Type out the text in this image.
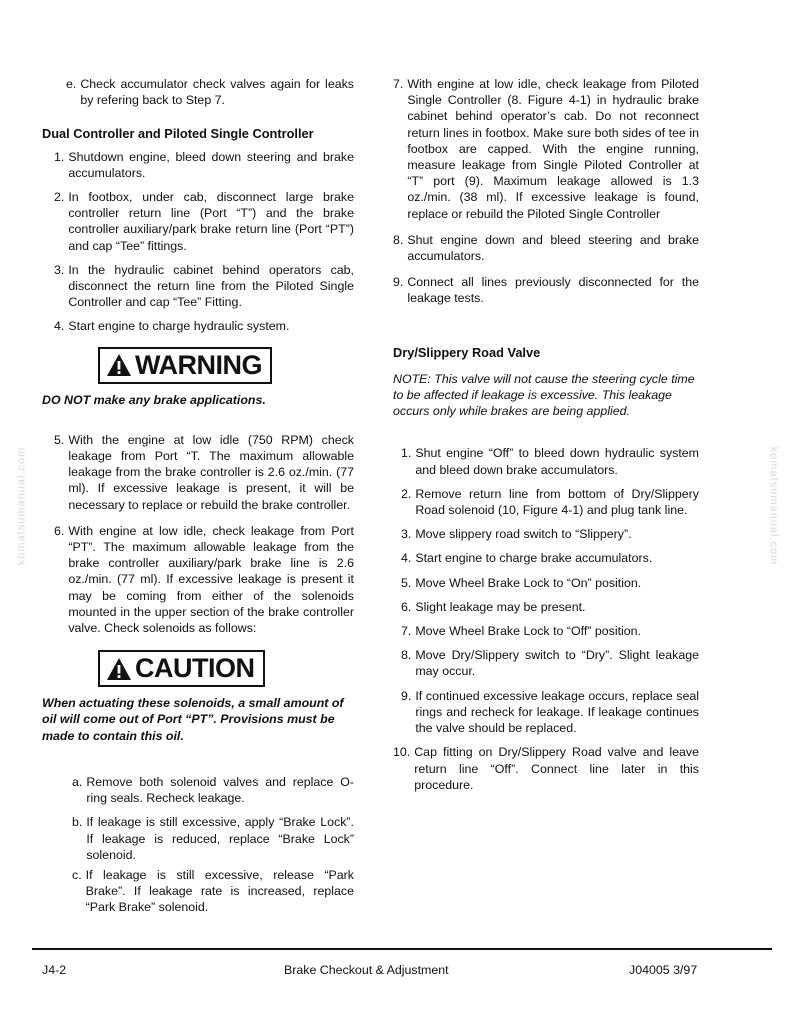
e. Check accumulator check valves again for leaks by refering back to Step 7.
Dual Controller and Piloted Single Controller
1. Shutdown engine, bleed down steering and brake accumulators.
2. In footbox, under cab, disconnect large brake controller return line (Port “T”) and the brake controller auxiliary/park brake return line (Port “PT”) and cap “Tee” fittings.
3. In the hydraulic cabinet behind operators cab, disconnect the return line from the Piloted Single Controller and cap “Tee” Fitting.
4. Start engine to charge hydraulic system.
WARNING
DO NOT make any brake applications.
5. With the engine at low idle (750 RPM) check leakage from Port “T. The maximum allowable leakage from the brake controller is 2.6 oz./min. (77 ml). If excessive leakage is present, it will be necessary to replace or rebuild the brake controller.
6. With engine at low idle, check leakage from Port “PT”. The maximum allowable leakage from the brake controller auxiliary/park brake line is 2.6 oz./min. (77 ml). If excessive leakage is present it may be coming from either of the solenoids mounted in the upper section of the brake controller valve. Check solenoids as follows:
CAUTION
When actuating these solenoids, a small amount of oil will come out of Port “PT”. Provisions must be made to contain this oil.
a. Remove both solenoid valves and replace O-ring seals. Recheck leakage.
b. If leakage is still excessive, apply “Brake Lock”. If leakage is reduced, replace “Brake Lock” solenoid.
c. If leakage is still excessive, release “Park Brake”. If leakage rate is increased, replace “Park Brake” solenoid.
7. With engine at low idle, check leakage from Piloted Single Controller (8. Figure 4-1) in hydraulic brake cabinet behind operator’s cab. Do not reconnect return lines in footbox. Make sure both sides of tee in footbox are capped. With the engine running, measure leakage from Single Piloted Controller at “T” port (9). Maximum leakage allowed is 1.3 oz./min. (38 ml). If excessive leakage is found, replace or rebuild the Piloted Single Controller
8. Shut engine down and bleed steering and brake accumulators.
9. Connect all lines previously disconnected for the leakage tests.
Dry/Slippery Road Valve
NOTE: This valve will not cause the steering cycle time to be affected if leakage is excessive. This leakage occurs only while brakes are being applied.
1. Shut engine “Off” to bleed down hydraulic system and bleed down brake accumulators.
2. Remove return line from bottom of Dry/Slippery Road solenoid (10, Figure 4-1) and plug tank line.
3. Move slippery road switch to “Slippery”.
4. Start engine to charge brake accumulators.
5. Move Wheel Brake Lock to “On” position.
6. Slight leakage may be present.
7. Move Wheel Brake Lock to “Off” position.
8. Move Dry/Slippery switch to “Dry”. Slight leakage may occur.
9. If continued excessive leakage occurs, replace seal rings and recheck for leakage. If leakage continues the valve should be replaced.
10. Cap fitting on Dry/Slippery Road valve and leave return line “Off”. Connect line later in this procedure.
komatsumanual.com	komatsumanual.com
J4-2	Brake Checkout & Adjustment	J04005 3/97
